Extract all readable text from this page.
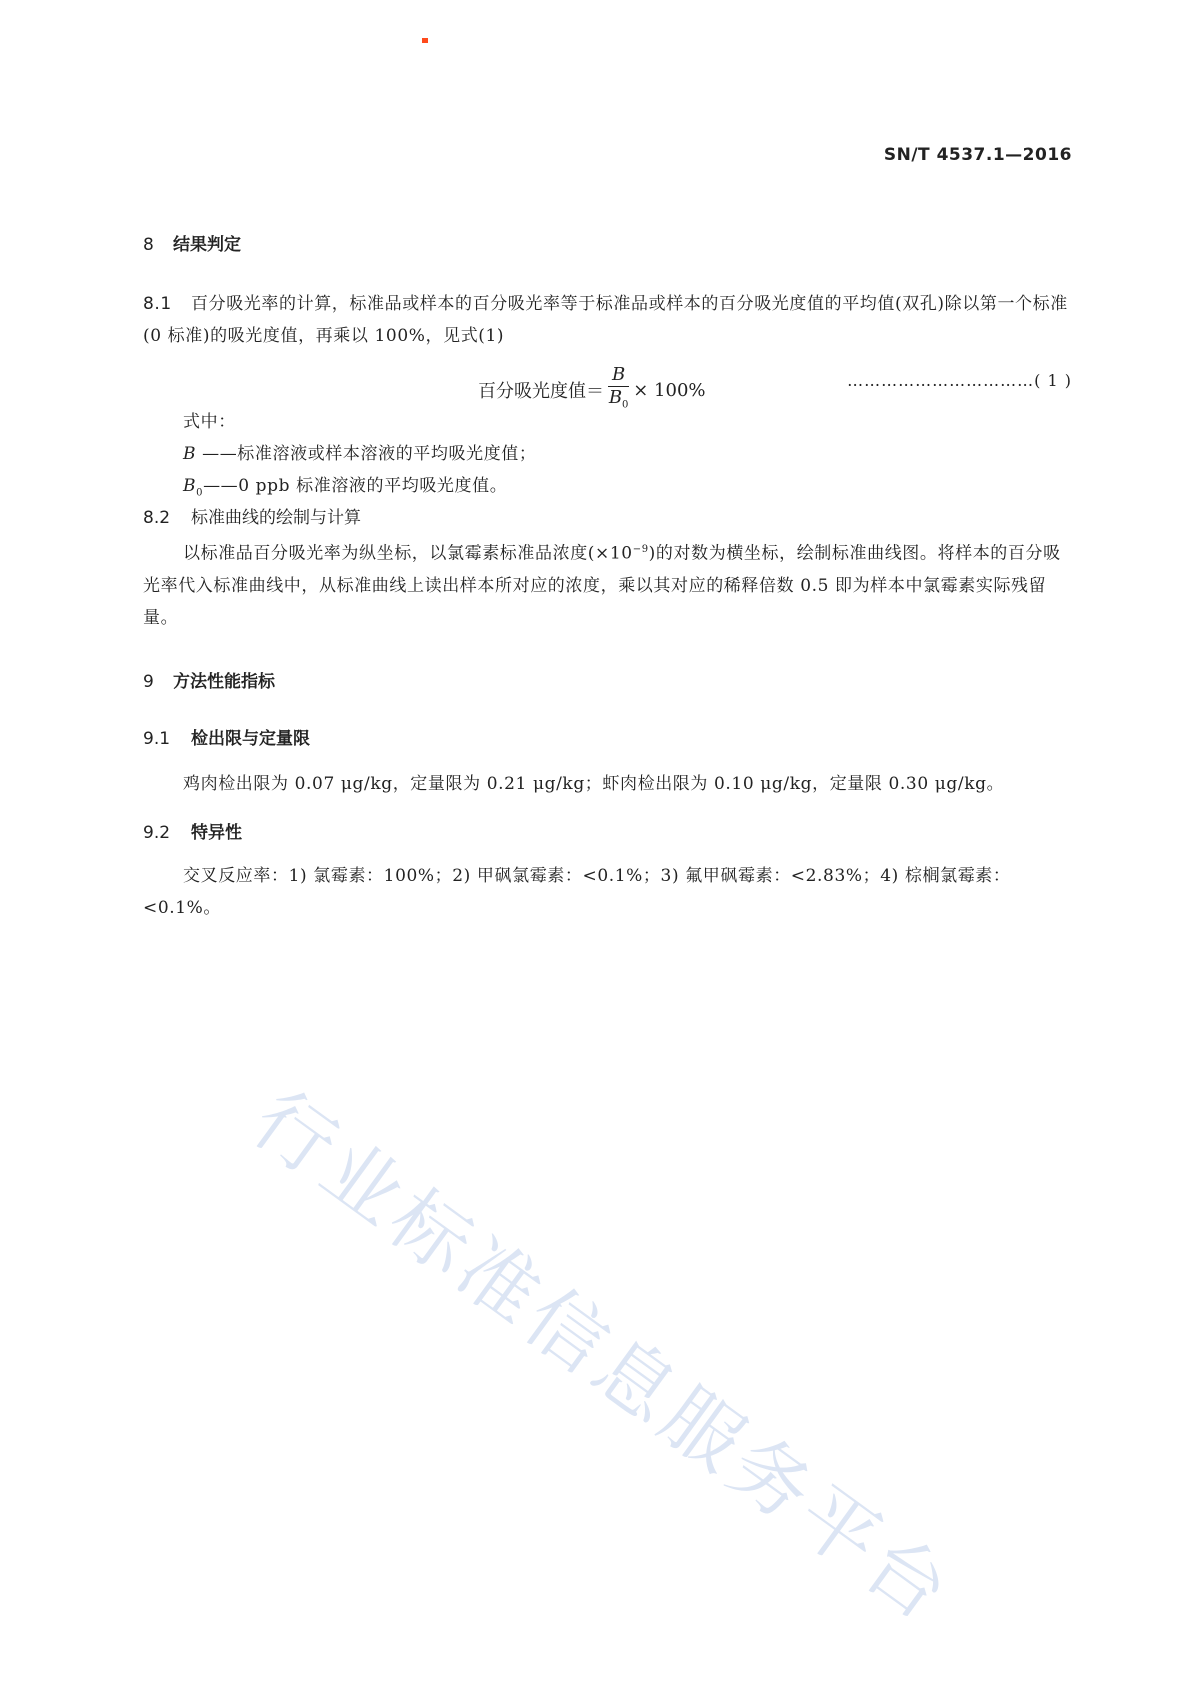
SN/T 4537.1—2016
8 结果判定
8.1 百分吸光率的计算，标准品或样本的百分吸光率等于标准品或样本的百分吸光度值的平均值(双孔)除以第一个标准(0 标准)的吸光度值，再乘以 100%，见式(1)
百分吸光度值＝ $\frac{B}{B_0} \times 100\%$	……………………………( 1 )
式中：
B ——标准溶液或样本溶液的平均吸光度值；
$B_0——0$ ppb 标准溶液的平均吸光度值。
8.2 标准曲线的绘制与计算
以标准品百分吸光率为纵坐标，以氯霉素标准品浓度$(\times 10^{-9})$的对数为横坐标，绘制标准曲线图。将样本的百分吸光率代入标准曲线中，从标准曲线上读出样本所对应的浓度，乘以其对应的稀释倍数 0.5 即为样本中氯霉素实际残留量。
9 方法性能指标
9.1 检出限与定量限
鸡肉检出限为 0.07 μg/kg，定量限为 0.21 μg/kg；虾肉检出限为 0.10 μg/kg，定量限 0.30 μg/kg。
9.2 特异性
交叉反应率：1) 氯霉素：100%；2) 甲砜氯霉素：<0.1%；3) 氟甲砜霉素：<2.83%；4) 棕榈氯霉素：<0.1%。
行业标准信息服务平台
